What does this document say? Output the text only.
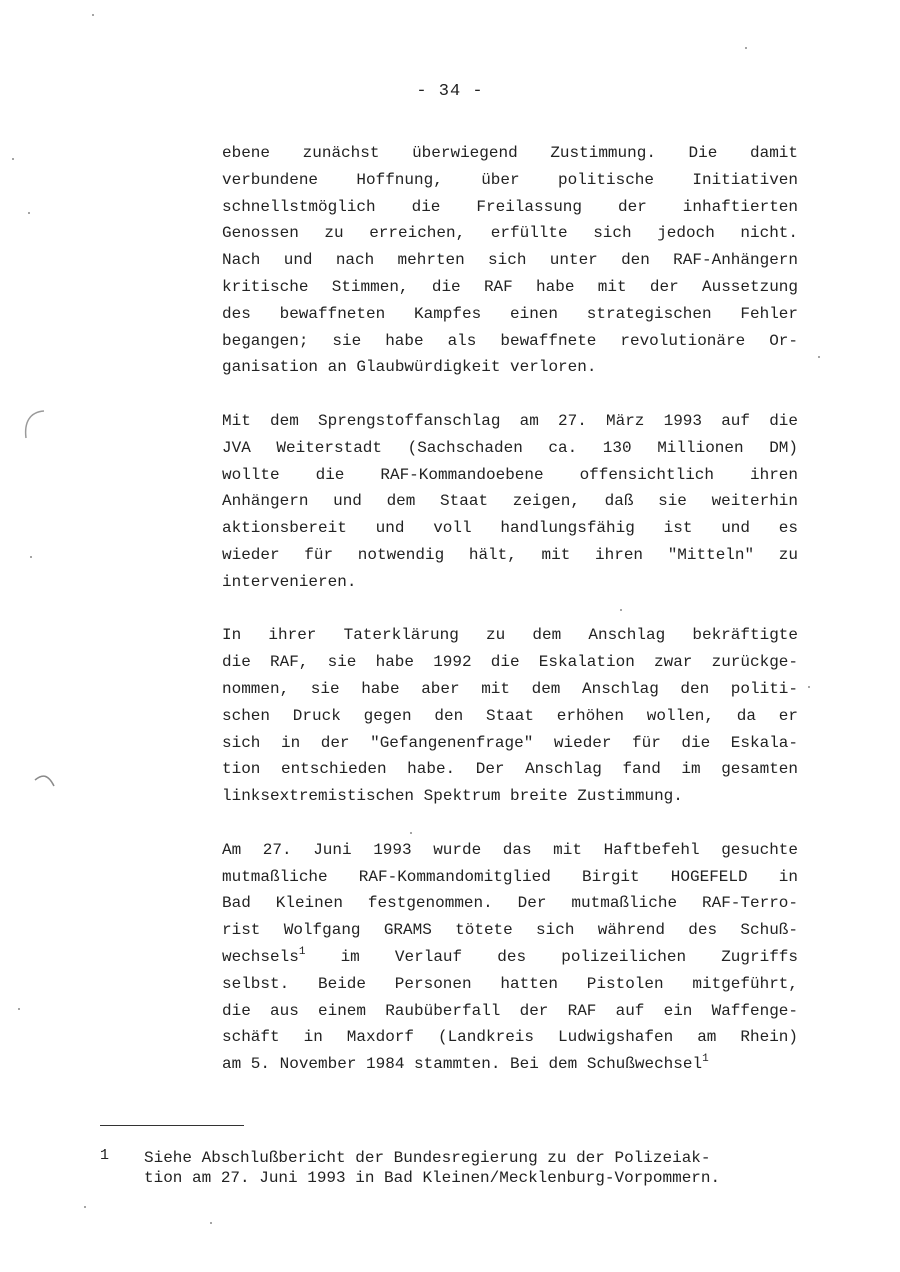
- 34 -
ebene zunächst überwiegend Zustimmung. Die damit
verbundene Hoffnung, über politische Initiativen
schnellstmöglich die Freilassung der inhaftierten
Genossen zu erreichen, erfüllte sich jedoch nicht.
Nach und nach mehrten sich unter den RAF-Anhängern
kritische Stimmen, die RAF habe mit der Aussetzung
des bewaffneten Kampfes einen strategischen Fehler
begangen; sie habe als bewaffnete revolutionäre Or-
ganisation an Glaubwürdigkeit verloren.
Mit dem Sprengstoffanschlag am 27. März 1993 auf die
JVA Weiterstadt (Sachschaden ca. 130 Millionen DM)
wollte die RAF-Kommandoebene offensichtlich ihren
Anhängern und dem Staat zeigen, daß sie weiterhin
aktionsbereit und voll handlungsfähig ist und es
wieder für notwendig hält, mit ihren "Mitteln" zu
intervenieren.
In ihrer Taterklärung zu dem Anschlag bekräftigte
die RAF, sie habe 1992 die Eskalation zwar zurückge-
nommen, sie habe aber mit dem Anschlag den politi-
schen Druck gegen den Staat erhöhen wollen, da er
sich in der "Gefangenenfrage" wieder für die Eskala-
tion entschieden habe. Der Anschlag fand im gesamten
linksextremistischen Spektrum breite Zustimmung.
Am 27. Juni 1993 wurde das mit Haftbefehl gesuchte
mutmaßliche RAF-Kommandomitglied Birgit HOGEFELD in
Bad Kleinen festgenommen. Der mutmaßliche RAF-Terro-
rist Wolfgang GRAMS tötete sich während des Schuß-
wechsels$^1$ im Verlauf des polizeilichen Zugriffs
selbst. Beide Personen hatten Pistolen mitgeführt,
die aus einem Raubüberfall der RAF auf ein Waffenge-
schäft in Maxdorf (Landkreis Ludwigshafen am Rhein)
am 5. November 1984 stammten. Bei dem Schußwechsel$^1$
1 Siehe Abschlußbericht der Bundesregierung zu der Polizeiak-
tion am 27. Juni 1993 in Bad Kleinen/Mecklenburg-Vorpommern.
